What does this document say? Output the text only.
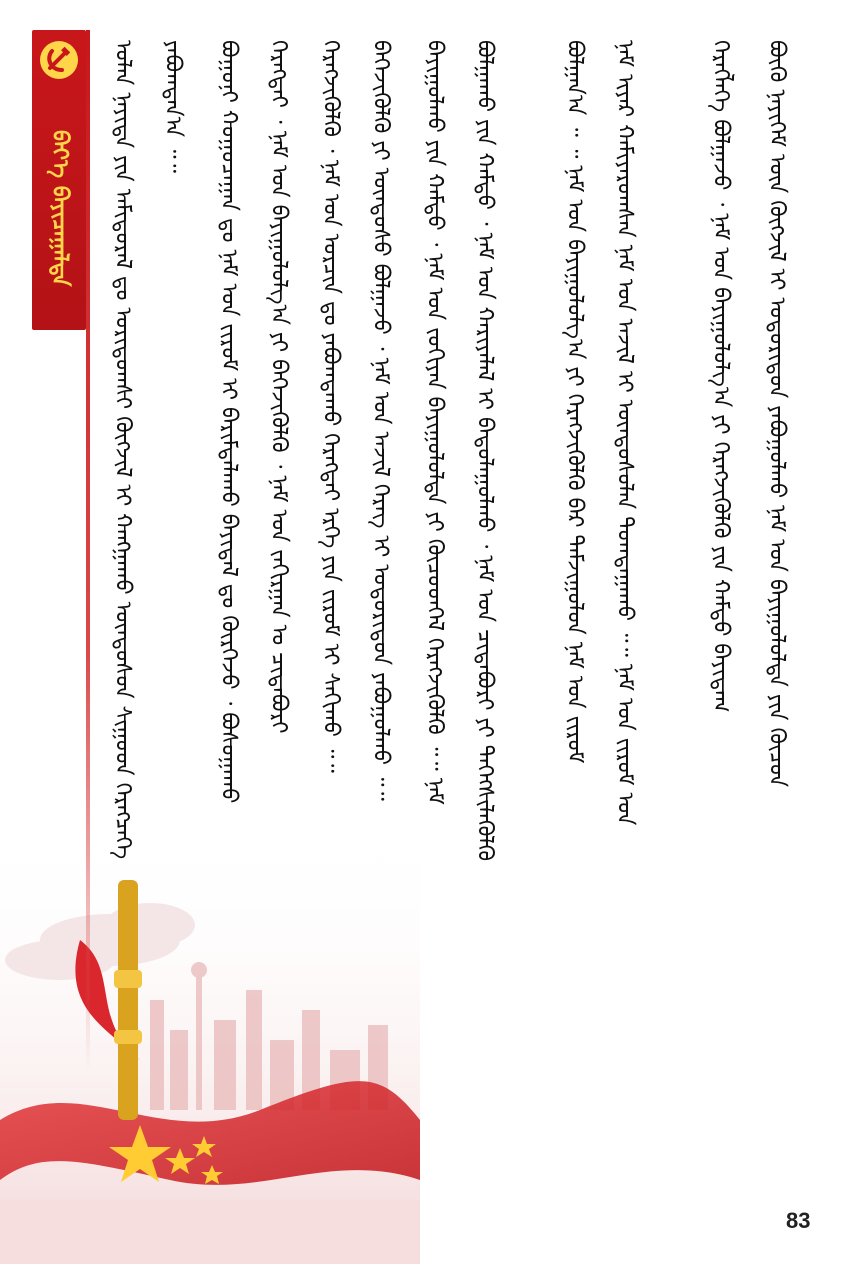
ᠪᠡᠶ᠎ᠡ ᠪᠠᠶᠢᠴᠠᠭᠠᠯᠲᠠ	ᠣᠯᠠᠨ ᠨᠡᠶᠢᠲᠡ ᠶᠢᠨ ᠠᠮᠢᠳᠤᠷᠠᠯ ᠳᠤ ᠤᠷᠢᠳᠤᠭᠰᠢ ᠬᠥᠭᠵᠢᠯ ᠢ ᠬᠠᠩᠭᠠᠬᠤ ᠦᠨᠳᠦᠰᠦᠨ ᠰᠢᠭᠤᠳ ᠬᠡᠷᠡᠭᠴᠡᠭᠡ	ᠶᠠᠪᠤᠭᠳᠠᠨ᠎ᠠ ᠃᠃	ᠪᠣᠭᠣᠨᠢ ᠬᠤᠭᠤᠴᠠᠭᠠᠨ ᠳᠤ ᠨᠠᠮ ᠤᠨ ᠵᠢᠷᠤᠮ ᠢ ᠪᠠᠷᠢᠮᠲᠠᠯᠠᠬᠤ ᠪᠠᠶᠢᠳᠠᠯ ᠳᠤ ᠬᠦᠷᠭᠡᠵᠦ ᠂ ᠪᠣᠰᠣᠭᠠᠬᠤ	ᠬᠡᠷᠡᠭᠳᠡᠢ ᠂ ᠨᠠᠮ ᠤᠨ ᠪᠠᠶᠢᠭᠤᠯᠤᠯᠭ᠎ᠠ ᠶᠢ ᠪᠡᠬᠡᠵᠢᠭᠦᠯᠬᠦ ᠂ ᠨᠠᠮ ᠤᠨ ᠵᠠᠬᠢᠷᠭᠠᠨ ᠤ ᠴᠢᠳᠠᠪᠤᠷᠢ	ᠬᠡᠷᠡᠭᠵᠢᠭᠦᠯᠬᠦ ᠂ ᠨᠠᠮ ᠤᠨ ᠣᠷᠴᠢᠨ ᠳᠤ ᠶᠠᠪᠤᠭᠳᠠᠬᠤ ᠬᠡᠷᠡᠭᠲᠡᠢ ᠡᠷᠬᠡ ᠶᠢᠨ ᠵᠢᠷᠤᠮ ᠢ ᠰᠠᠬᠢᠬᠤ ᠃᠃	ᠪᠡᠬᠡᠵᠢᠭᠦᠯᠬᠦ ᠶᠢ ᠦᠨᠳᠦᠰᠦ ᠪᠣᠯᠭᠠᠵᠤ ᠂ ᠨᠠᠮ ᠤᠨ ᠠᠵᠢᠯ ᠬᠡᠷᠡᠭ ᠢ ᠤᠳᠤᠷᠢᠳᠤᠨ ᠶᠠᠪᠤᠭᠤᠯᠬᠤ ᠃᠃	ᠪᠠᠶᠢᠭᠤᠯᠬᠤ ᠶᠢᠨ ᠬᠠᠮᠲᠤ ᠂ ᠨᠠᠮ ᠤᠨ ᠵᠤᠬᠢᠶᠠᠨ ᠪᠠᠶᠢᠭᠤᠯᠤᠯᠲᠠ ᠶᠢ ᠬᠦᠴᠦᠳᠬᠡᠯ ᠬᠡᠷᠡᠭᠵᠢᠭᠦᠯᠬᠦ ᠃᠃ ᠨᠠᠮ	ᠪᠣᠯᠭᠠᠬᠤ ᠶᠢᠨ ᠬᠠᠮᠲᠤ ᠂ ᠨᠠᠮ ᠤᠨ ᠬᠠᠷᠢᠶᠠᠯᠠᠯ ᠢ ᠪᠠᠳᠤᠯᠠᠭᠤᠯᠬᠤ ᠂ ᠨᠠᠮ ᠤᠨ ᠴᠢᠳᠠᠪᠤᠷᠢ ᠶᠢ ᠳᠡᠭᠡᠭᠰᠢᠯᠡᠭᠦᠯᠬᠦ	ᠪᠣᠯᠭᠠᠨ᠎ᠠ ᠃ ᠃ ᠨᠠᠮ ᠤᠨ ᠪᠠᠶᠢᠭᠤᠯᠤᠯᠭ᠎ᠠ ᠶᠢ ᠬᠡᠷᠡᠭᠵᠢᠭᠦᠯᠬᠦ ᠪᠡᠷ ᠳᠠᠮᠵᠢᠭᠤᠯᠤᠨ ᠨᠠᠮ ᠤᠨ ᠵᠢᠷᠤᠮ	ᠨᠠᠮ ᠢᠶᠠᠷ ᠬᠠᠮᠢᠶᠠᠷᠤᠭᠰᠠᠨ ᠨᠠᠮ ᠤᠨ ᠠᠵᠢᠯ ᠢ ᠦᠨᠳᠦᠰᠦᠯᠡᠨ ᠲᠣᠭᠲᠠᠭᠠᠬᠤ ᠃᠃ ᠨᠠᠮ ᠤᠨ ᠵᠢᠷᠤᠮ ᠤᠨ	ᠬᠡᠷᠡᠭᠯᠡᠭᠡ ᠪᠣᠯᠭᠠᠵᠤ ᠂ ᠨᠠᠮ ᠤᠨ ᠪᠠᠶᠢᠭᠤᠯᠤᠯᠭ᠎ᠠ ᠶᠢ ᠬᠡᠷᠡᠭᠵᠢᠭᠦᠯᠬᠦ ᠶᠢᠨ ᠬᠠᠮᠲᠤ ᠪᠠᠶᠢᠳᠠᠭ	ᠪᠦᠬᠦ ᠨᠡᠶᠢᠭᠡᠮ ᠦᠨ ᠬᠥᠭᠵᠢᠯ ᠢ ᠤᠳᠤᠷᠢᠳᠤᠨ ᠶᠠᠪᠤᠭᠤᠯᠬᠤ ᠨᠠᠮ ᠤᠨ ᠪᠠᠶᠢᠭᠤᠯᠤᠯᠲᠠ ᠶᠢᠨ ᠬᠦᠴᠦᠨ
83
